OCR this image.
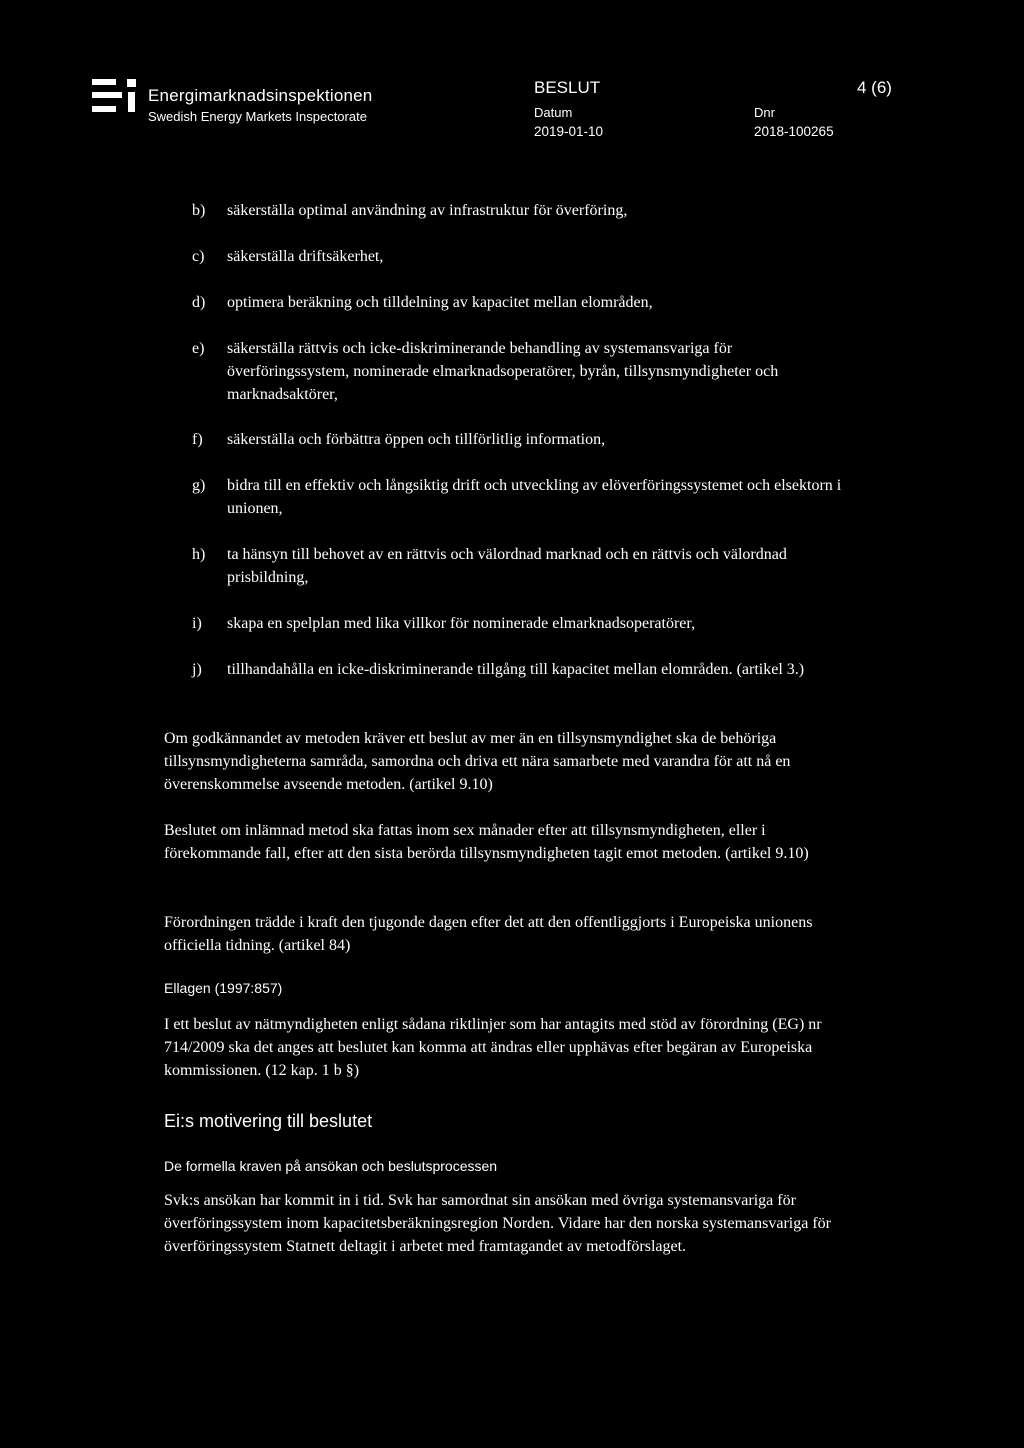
Energimarknadsinspektionen
Swedish Energy Markets Inspectorate
BESLUT	4 (6)
Datum
2019-01-10
Dnr
2018-100265
b)	säkerställa optimal användning av infrastruktur för överföring,
c)	säkerställa driftsäkerhet,
d)	optimera beräkning och tilldelning av kapacitet mellan elområden,
e)	säkerställa rättvis och icke-diskriminerande behandling av systemansvariga för överföringssystem, nominerade elmarknadsoperatörer, byrån, tillsynsmyndigheter och marknadsaktörer,
f)	säkerställa och förbättra öppen och tillförlitlig information,
g)	bidra till en effektiv och långsiktig drift och utveckling av elöverföringssystemet och elsektorn i unionen,
h)	ta hänsyn till behovet av en rättvis och välordnad marknad och en rättvis och välordnad prisbildning,
i)	skapa en spelplan med lika villkor för nominerade elmarknadsoperatörer,
j)	tillhandahålla en icke-diskriminerande tillgång till kapacitet mellan elområden. (artikel 3.)
Om godkännandet av metoden kräver ett beslut av mer än en tillsynsmyndighet ska de behöriga tillsynsmyndigheterna samråda, samordna och driva ett nära samarbete med varandra för att nå en överenskommelse avseende metoden. (artikel 9.10)
Beslutet om inlämnad metod ska fattas inom sex månader efter att tillsynsmyndigheten, eller i förekommande fall, efter att den sista berörda tillsynsmyndigheten tagit emot metoden. (artikel 9.10)
Förordningen trädde i kraft den tjugonde dagen efter det att den offentliggjorts i Europeiska unionens officiella tidning. (artikel 84)
Ellagen (1997:857)
I ett beslut av nätmyndigheten enligt sådana riktlinjer som har antagits med stöd av förordning (EG) nr 714/2009 ska det anges att beslutet kan komma att ändras eller upphävas efter begäran av Europeiska kommissionen. (12 kap. 1 b §)
Ei:s motivering till beslutet
De formella kraven på ansökan och beslutsprocessen
Svk:s ansökan har kommit in i tid. Svk har samordnat sin ansökan med övriga systemansvariga för överföringssystem inom kapacitetsberäkningsregion Norden. Vidare har den norska systemansvariga för överföringssystem Statnett deltagit i arbetet med framtagandet av metodförslaget.
